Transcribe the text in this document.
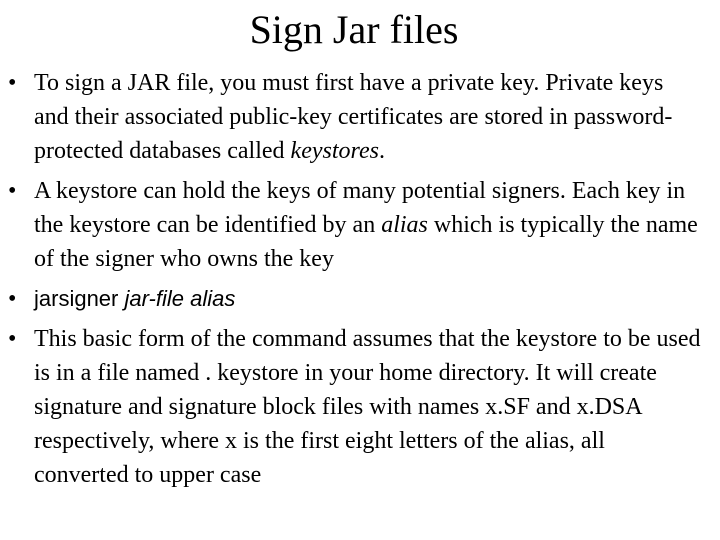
Sign Jar files
• To sign a JAR file, you must first have a private key. Private keys and their associated public-key certificates are stored in password-protected databases called keystores.
• A keystore can hold the keys of many potential signers. Each key in the keystore can be identified by an alias which is typically the name of the signer who owns the key
• jarsigner jar-file alias
• This basic form of the command assumes that the keystore to be used is in a file named . keystore in your home directory. It will create signature and signature block files with names x.SF and x.DSA respectively, where x is the first eight letters of the alias, all converted to upper case
